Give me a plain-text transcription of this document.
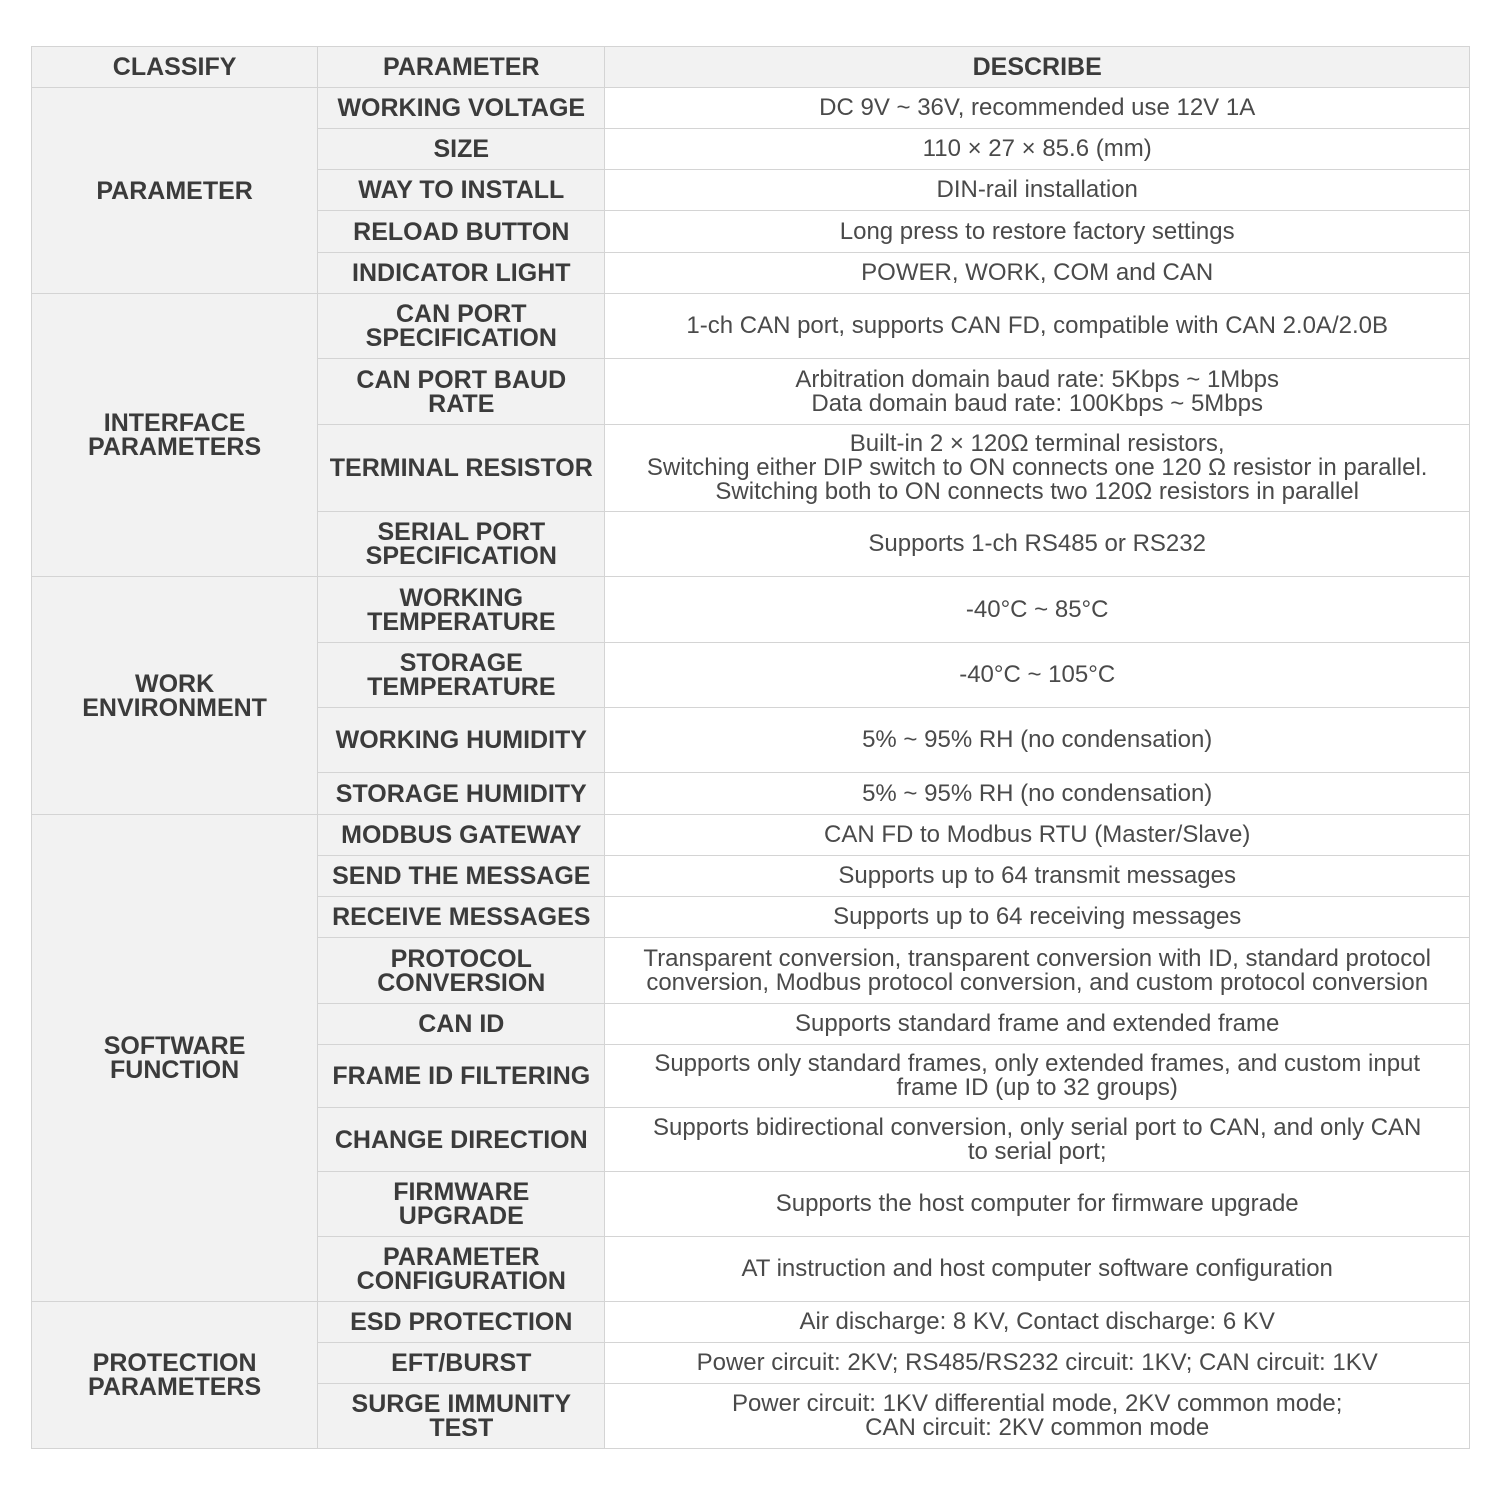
CLASSIFY	PARAMETER	DESCRIBE
PARAMETER	WORKING VOLTAGE	DC 9V ~ 36V, recommended use 12V 1A

	SIZE	110 × 27 × 85.6 (mm)

	WAY TO INSTALL	DIN-rail installation

	RELOAD BUTTON	Long press to restore factory settings

	INDICATOR LIGHT	POWER, WORK, COM and CAN

INTERFACE PARAMETERS	CAN PORT SPECIFICATION	1-ch CAN port, supports CAN FD, compatible with CAN 2.0A/2.0B

	CAN PORT BAUD RATE	Arbitration domain baud rate: 5Kbps ~ 1Mbps
Data domain baud rate: 100Kbps ~ 5Mbps

	TERMINAL RESISTOR	Built-in 2 × 120Ω terminal resistors,
Switching either DIP switch to ON connects one 120 Ω resistor in parallel.
Switching both to ON connects two 120Ω resistors in parallel

	SERIAL PORT SPECIFICATION	Supports 1-ch RS485 or RS232

WORK ENVIRONMENT	WORKING TEMPERATURE	-40°C ~ 85°C

	STORAGE TEMPERATURE	-40°C ~ 105°C

	WORKING HUMIDITY	5% ~ 95% RH (no condensation)

	STORAGE HUMIDITY	5% ~ 95% RH (no condensation)

SOFTWARE FUNCTION	MODBUS GATEWAY	CAN FD to Modbus RTU (Master/Slave)

	SEND THE MESSAGE	Supports up to 64 transmit messages

	RECEIVE MESSAGES	Supports up to 64 receiving messages

	PROTOCOL CONVERSION	Transparent conversion, transparent conversion with ID, standard protocol
conversion, Modbus protocol conversion, and custom protocol conversion

	CAN ID	Supports standard frame and extended frame

	FRAME ID FILTERING	Supports only standard frames, only extended frames, and custom input
frame ID (up to 32 groups)

	CHANGE DIRECTION	Supports bidirectional conversion, only serial port to CAN, and only CAN
to serial port;

	FIRMWARE UPGRADE	Supports the host computer for firmware upgrade

	PARAMETER CONFIGURATION	AT instruction and host computer software configuration

PROTECTION PARAMETERS	ESD PROTECTION	Air discharge: 8 KV, Contact discharge: 6 KV

	EFT/BURST	Power circuit: 2KV; RS485/RS232 circuit: 1KV; CAN circuit: 1KV

	SURGE IMMUNITY TEST	Power circuit: 1KV differential mode, 2KV common mode;
CAN circuit: 2KV common mode
